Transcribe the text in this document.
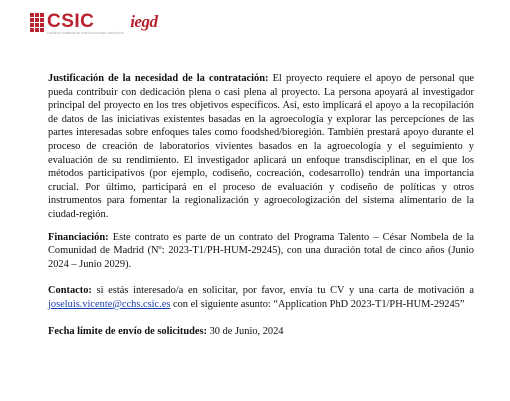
CSIC
CONSEJO SUPERIOR DE INVESTIGACIONES CIENTÍFICAS
iegd

Justificación de la necesidad de la contratación: El proyecto requiere el apoyo de personal que pueda contribuir con dedicación plena o casi plena al proyecto. La persona apoyará al investigador principal del proyecto en los tres objetivos específicos. Así, esto implicará el apoyo a la recopilación de datos de las iniciativas existentes basadas en la agroecología y explorar las percepciones de las partes interesadas sobre enfoques tales como foodshed/bioregión. También prestará apoyo durante el proceso de creación de laboratorios vivientes basados en la agroecología y el seguimiento y evaluación de su rendimiento. El investigador aplicará un enfoque transdisciplinar, en el que los métodos participativos (por ejemplo, codiseño, cocreación, codesarrollo) tendrán una importancia crucial. Por último, participará en el proceso de evaluación y codiseño de políticas y otros instrumentos para fomentar la regionalización y agroecologización del sistema alimentario de la ciudad-región.

Financiación: Este contrato es parte de un contrato del Programa Talento – César Nombela de la Comunidad de Madrid (Nº: 2023-T1/PH-HUM-29245), con una duración total de cinco años (Junio 2024 – Junio 2029).

Contacto: si estás interesado/a en solicitar, por favor, envía tu CV y una carta de motivación a joseluis.vicente@cchs.csic.es con el siguiente asunto: “Application PhD 2023-T1/PH-HUM-29245”

Fecha límite de envío de solicitudes: 30 de Junio, 2024
